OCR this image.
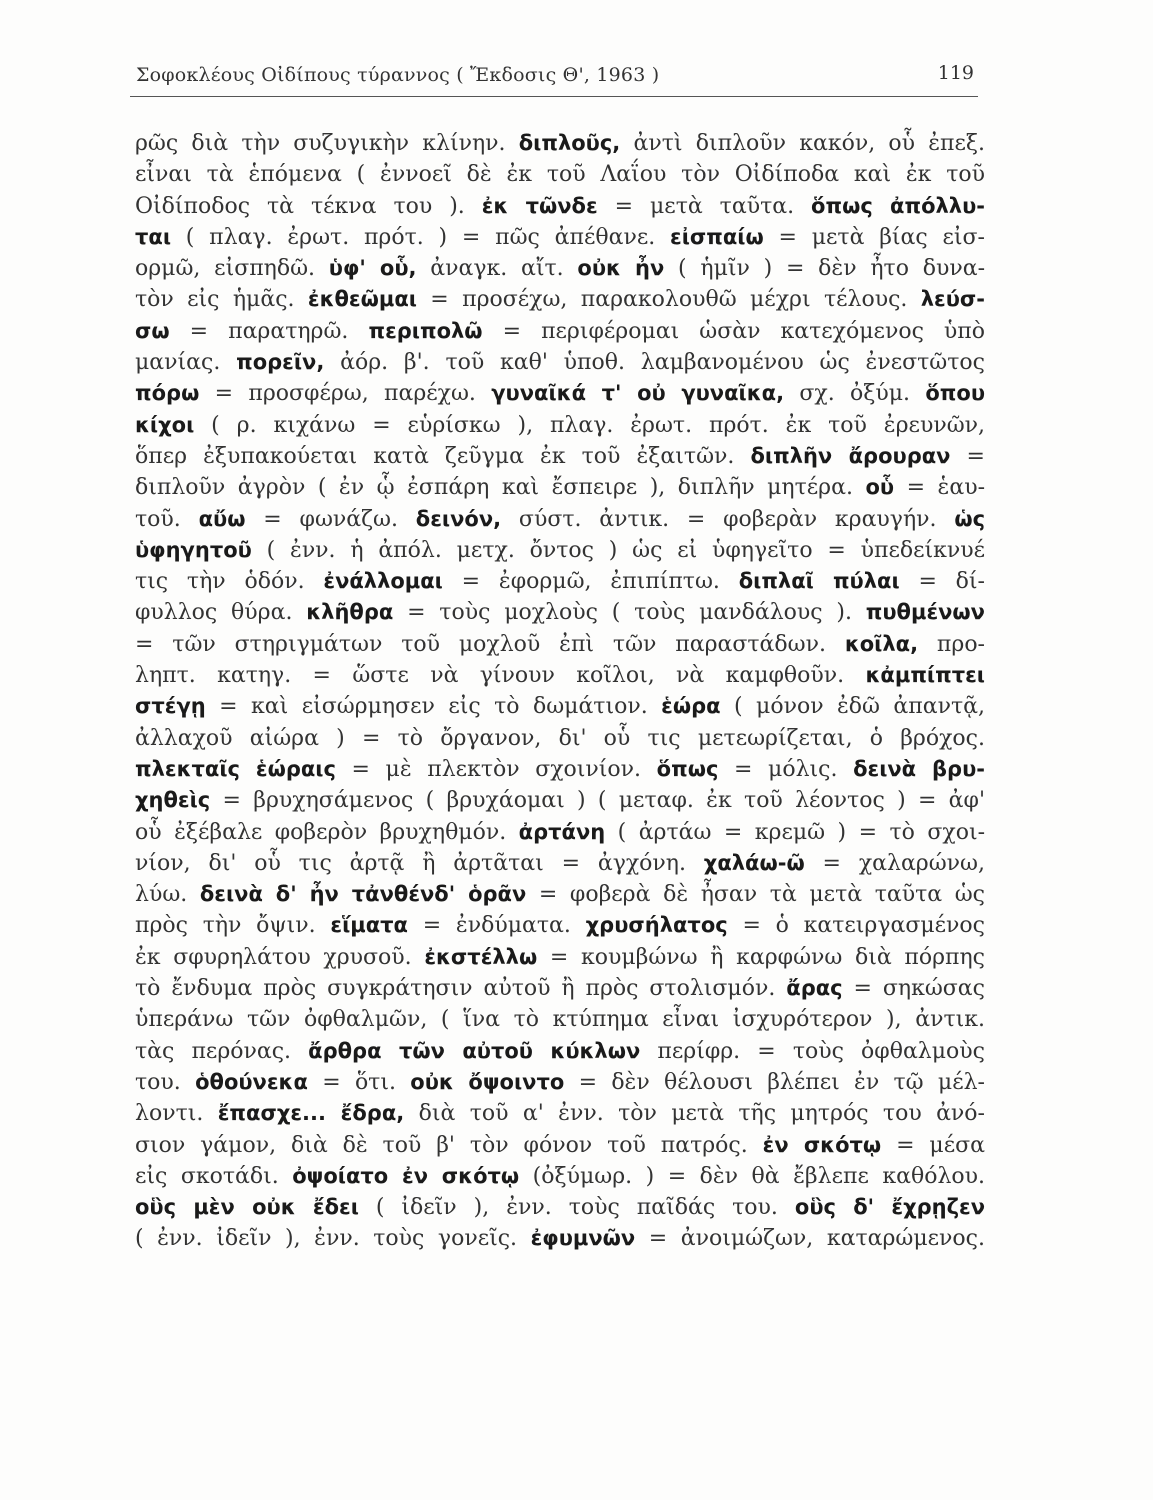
Σοφοκλέους Οἰδίπους τύραννος ( Ἔκδοσις Θ', 1963 )	119
ρῶς διὰ τὴν συζυγικὴν κλίνην. διπλοῦς, ἀντὶ διπλοῦν κακόν, οὗ ἐπεξ.
εἶναι τὰ ἑπόμενα ( ἐννοεῖ δὲ ἐκ τοῦ Λαΐου τὸν Οἰδίποδα καὶ ἐκ τοῦ
Οἰδίποδος τὰ τέκνα του ). ἐκ τῶνδε = μετὰ ταῦτα. ὅπως ἀπόλλυ-
ται ( πλαγ. ἐρωτ. πρότ. ) = πῶς ἀπέθανε. εἰσπαίω = μετὰ βίας εἰσ-
ορμῶ, εἰσπηδῶ. ὑφ' οὗ, ἀναγκ. αἴτ. οὐκ ἦν ( ἡμῖν ) = δὲν ἦτο δυνα-
τὸν εἰς ἡμᾶς. ἐκθεῶμαι = προσέχω, παρακολουθῶ μέχρι τέλους. λεύσ-
σω = παρατηρῶ. περιπολῶ = περιφέρομαι ὡσὰν κατεχόμενος ὑπὸ
μανίας. πορεῖν, ἀόρ. β'. τοῦ καθ' ὑποθ. λαμβανομένου ὡς ἐνεστῶτος
πόρω = προσφέρω, παρέχω. γυναῖκά τ' οὐ γυναῖκα, σχ. ὀξύμ. ὅπου
κίχοι ( ρ. κιχάνω = εὑρίσκω ), πλαγ. ἐρωτ. πρότ. ἐκ τοῦ ἐρευνῶν,
ὅπερ ἐξυπακούεται κατὰ ζεῦγμα ἐκ τοῦ ἐξαιτῶν. διπλῆν ἄρουραν =
διπλοῦν ἀγρὸν ( ἐν ᾧ ἐσπάρη καὶ ἔσπειρε ), διπλῆν μητέρα. οὗ = ἑαυ-
τοῦ. αὔω = φωνάζω. δεινόν, σύστ. ἀντικ. = φοβερὰν κραυγήν. ὡς
ὑφηγητοῦ ( ἐνν. ἡ ἀπόλ. μετχ. ὄντος ) ὡς εἰ ὑφηγεῖτο = ὑπεδείκνυέ
τις τὴν ὁδόν. ἐνάλλομαι = ἐφορμῶ, ἐπιπίπτω. διπλαῖ πύλαι = δί-
φυλλος θύρα. κλῆθρα = τοὺς μοχλοὺς ( τοὺς μανδάλους ). πυθμένων
= τῶν στηριγμάτων τοῦ μοχλοῦ ἐπὶ τῶν παραστάδων. κοῖλα, προ-
ληπτ. κατηγ. = ὥστε νὰ γίνουν κοῖλοι, νὰ καμφθοῦν. κἀμπίπτει
στέγῃ = καὶ εἰσώρμησεν εἰς τὸ δωμάτιον. ἑώρα ( μόνον ἐδῶ ἀπαντᾷ,
ἀλλαχοῦ αἰώρα ) = τὸ ὄργανον, δι' οὗ τις μετεωρίζεται, ὁ βρόχος.
πλεκταῖς ἑώραις = μὲ πλεκτὸν σχοινίον. ὅπως = μόλις. δεινὰ βρυ-
χηθεὶς = βρυχησάμενος ( βρυχάομαι ) ( μεταφ. ἐκ τοῦ λέοντος ) = ἀφ'
οὗ ἐξέβαλε φοβερὸν βρυχηθμόν. ἀρτάνη ( ἀρτάω = κρεμῶ ) = τὸ σχοι-
νίον, δι' οὗ τις ἀρτᾷ ἢ ἀρτᾶται = ἀγχόνη. χαλάω-ῶ = χαλαρώνω,
λύω. δεινὰ δ' ἦν τἀνθένδ' ὁρᾶν = φοβερὰ δὲ ἦσαν τὰ μετὰ ταῦτα ὡς
πρὸς τὴν ὄψιν. εἵματα = ἐνδύματα. χρυσήλατος = ὁ κατειργασμένος
ἐκ σφυρηλάτου χρυσοῦ. ἐκστέλλω = κουμβώνω ἢ καρφώνω διὰ πόρπης
τὸ ἔνδυμα πρὸς συγκράτησιν αὐτοῦ ἢ πρὸς στολισμόν. ἄρας = σηκώσας
ὑπεράνω τῶν ὀφθαλμῶν, ( ἵνα τὸ κτύπημα εἶναι ἰσχυρότερον ), ἀντικ.
τὰς περόνας. ἄρθρα τῶν αὐτοῦ κύκλων περίφρ. = τοὺς ὀφθαλμοὺς
του. ὁθούνεκα = ὅτι. οὐκ ὄψοιντο = δὲν θέλουσι βλέπει ἐν τῷ μέλ-
λοντι. ἔπασχε... ἔδρα, διὰ τοῦ α' ἐνν. τὸν μετὰ τῆς μητρός του ἀνό-
σιον γάμον, διὰ δὲ τοῦ β' τὸν φόνον τοῦ πατρός. ἐν σκότῳ = μέσα
εἰς σκοτάδι. ὀψοίατο ἐν σκότῳ (ὀξύμωρ. ) = δὲν θὰ ἔβλεπε καθόλου.
οὓς μὲν οὐκ ἔδει ( ἰδεῖν ), ἐνν. τοὺς παῖδάς του. οὓς δ' ἔχρῃζεν
( ἐνν. ἰδεῖν ), ἐνν. τοὺς γονεῖς. ἐφυμνῶν = ἀνοιμώζων, καταρώμενος.
